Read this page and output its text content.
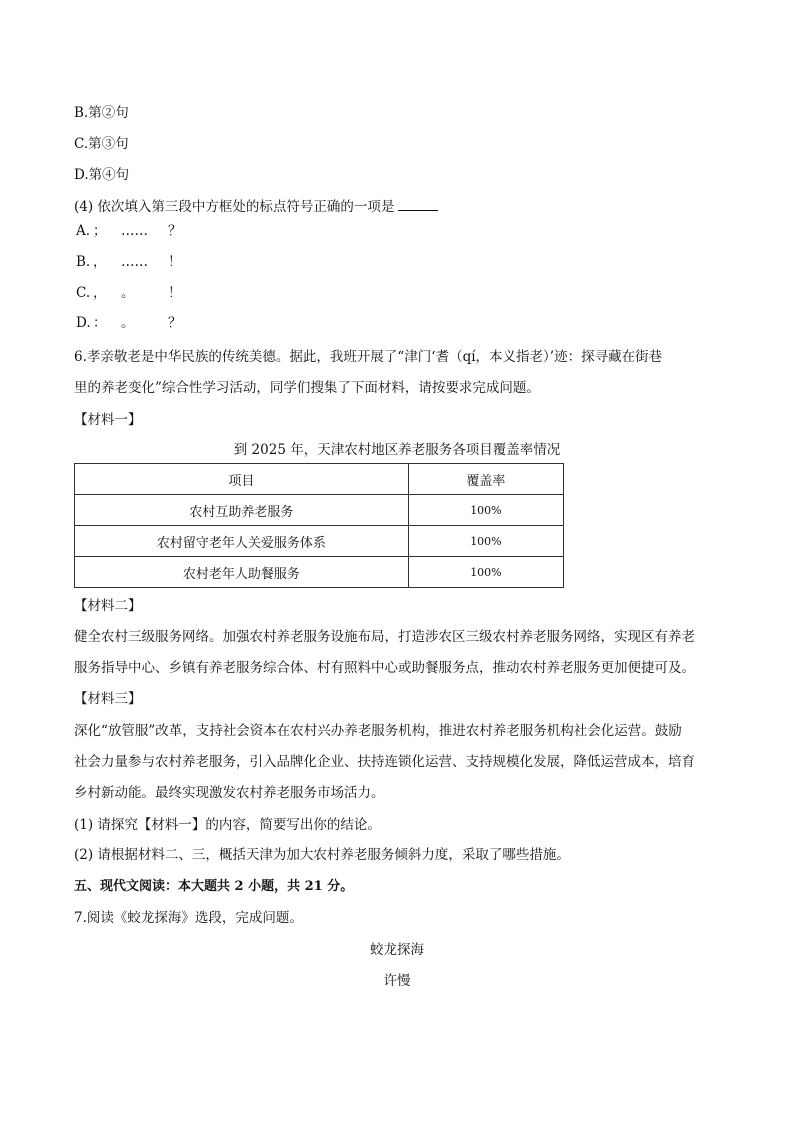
B.第②句
C.第③句
D.第④句
(4) 依次填入第三段中方框处的标点符号正确的一项是
A. ； …… ？
B. ， …… ！
C. ， 。 ！
D. ： 。 ？
6.孝亲敬老是中华民族的传统美德。据此，我班开展了“津门‘耆（qí，本义指老）’迹：探寻藏在街巷
里的养老变化”综合性学习活动，同学们搜集了下面材料，请按要求完成问题。
【材料一】
到 2025 年，天津农村地区养老服务各项目覆盖率情况
项目	覆盖率
农村互助养老服务	100%
农村留守老年人关爱服务体系	100%
农村老年人助餐服务	100%
【材料二】
健全农村三级服务网络。加强农村养老服务设施布局，打造涉农区三级农村养老服务网络，实现区有养老
服务指导中心、乡镇有养老服务综合体、村有照料中心或助餐服务点，推动农村养老服务更加便捷可及。
【材料三】
深化“放管服”改革，支持社会资本在农村兴办养老服务机构，推进农村养老服务机构社会化运营。鼓励
社会力量参与农村养老服务，引入品牌化企业、扶持连锁化运营、支持规模化发展，降低运营成本，培育
乡村新动能。最终实现激发农村养老服务市场活力。
(1) 请探究【材料一】的内容，简要写出你的结论。
(2) 请根据材料二、三，概括天津为加大农村养老服务倾斜力度，采取了哪些措施。
五、现代文阅读：本大题共 2 小题，共 21 分。
7.阅读《蛟龙探海》选段，完成问题。
蛟龙探海
许慢
